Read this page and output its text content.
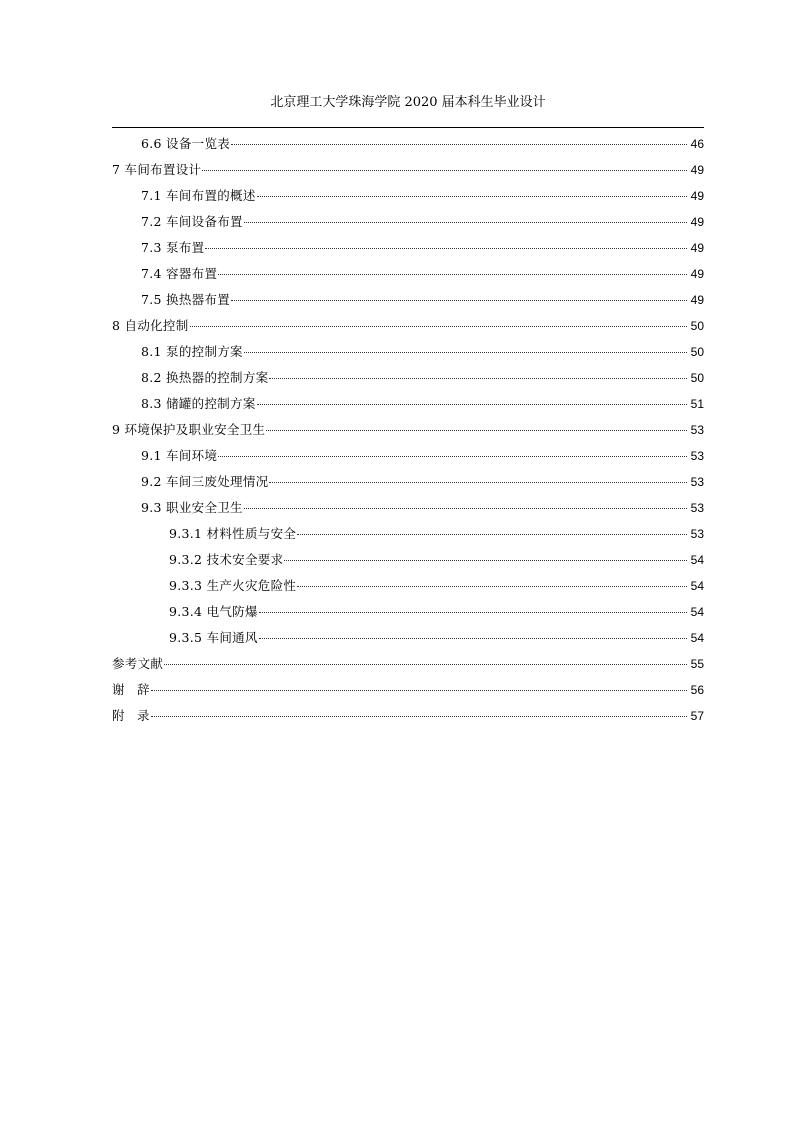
北京理工大学珠海学院 2020 届本科生毕业设计
6.6 设备一览表	46
7 车间布置设计	49
7.1 车间布置的概述	49
7.2 车间设备布置	49
7.3 泵布置	49
7.4 容器布置	49
7.5 换热器布置	49
8 自动化控制	50
8.1 泵的控制方案	50
8.2 换热器的控制方案	50
8.3 储罐的控制方案	51
9 环境保护及职业安全卫生	53
9.1 车间环境	53
9.2 车间三废处理情况	53
9.3 职业安全卫生	53
9.3.1 材料性质与安全	53
9.3.2 技术安全要求	54
9.3.3 生产火灾危险性	54
9.3.4 电气防爆	54
9.3.5 车间通风	54
参考文献	55
谢　辞	56
附　录	57
